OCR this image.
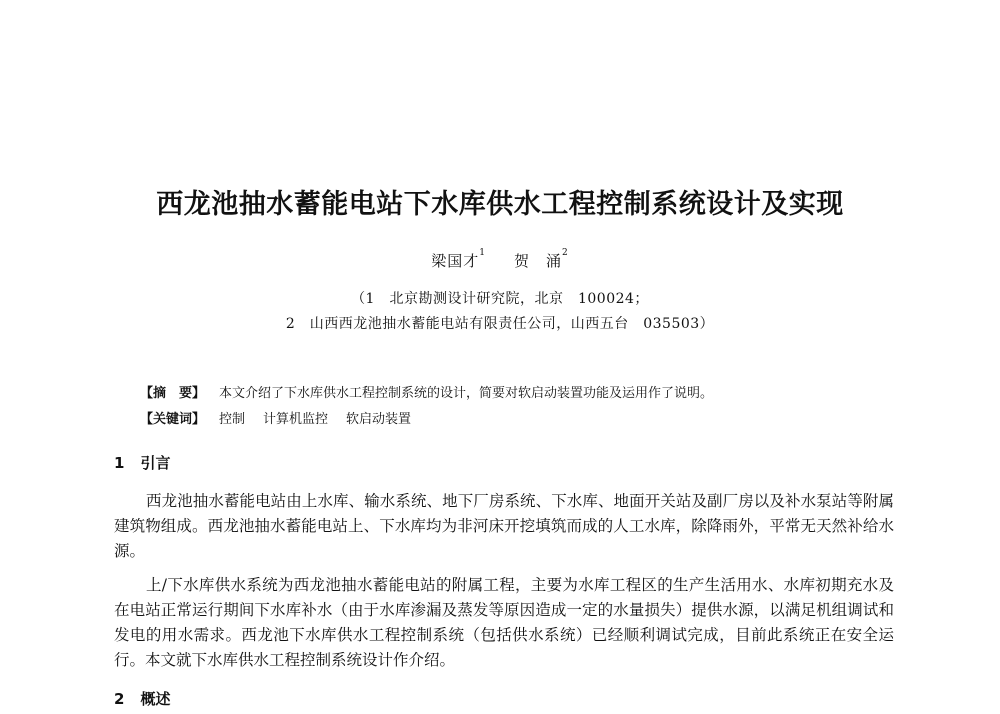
西龙池抽水蓄能电站下水库供水工程控制系统设计及实现
梁国才$^1$ 贺　涌$^2$
（1　北京勘测设计研究院，北京　100024；
2　山西西龙池抽水蓄能电站有限责任公司，山西五台　035503）
【摘　要】 本文介绍了下水库供水工程控制系统的设计，简要对软启动装置功能及运用作了说明。
【关键词】 控制 计算机监控 软启动装置
1 引言
西龙池抽水蓄能电站由上水库、输水系统、地下厂房系统、下水库、地面开关站及副厂房以及补水泵站等附属建筑物组成。西龙池抽水蓄能电站上、下水库均为非河床开挖填筑而成的人工水库，除降雨外，平常无天然补给水源。
上/下水库供水系统为西龙池抽水蓄能电站的附属工程，主要为水库工程区的生产生活用水、水库初期充水及在电站正常运行期间下水库补水（由于水库渗漏及蒸发等原因造成一定的水量损失）提供水源，以满足机组调试和发电的用水需求。西龙池下水库供水工程控制系统（包括供水系统）已经顺利调试完成，目前此系统正在安全运行。本文就下水库供水工程控制系统设计作介绍。
2 概述
